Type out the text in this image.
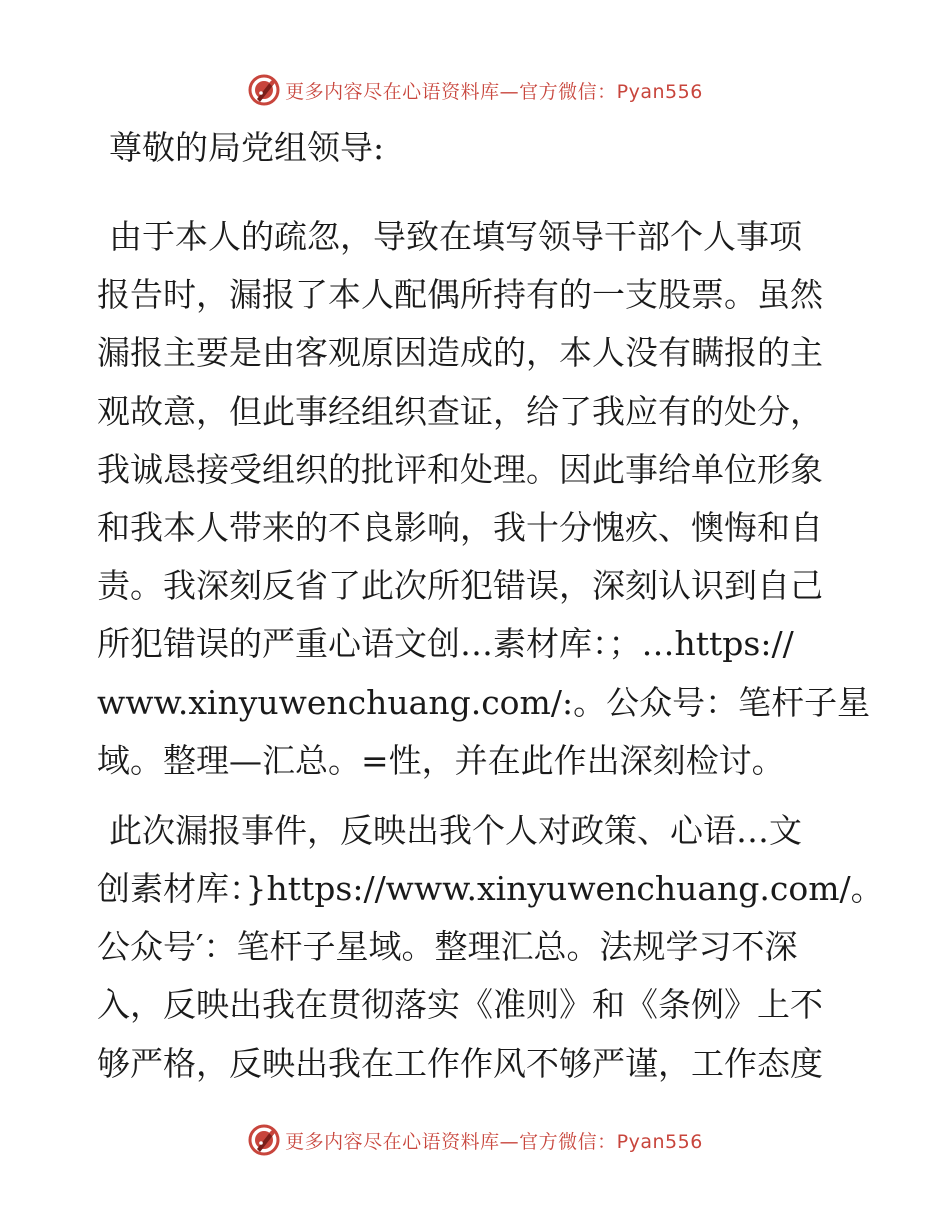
更多内容尽在心语资料库—官方微信：Pyan556
尊敬的局党组领导:
由于本人的疏忽，导致在填写领导干部个人事项
报告时，漏报了本人配偶所持有的一支股票。虽然
漏报主要是由客观原因造成的，本人没有瞒报的主
观故意，但此事经组织查证，给了我应有的处分，
我诚恳接受组织的批评和处理。因此事给单位形象
和我本人带来的不良影响，我十分愧疚、懊悔和自
责。我深刻反省了此次所犯错误，深刻认识到自己
所犯错误的严重心语文创…素材库：；…https://
www.xinyuwenchuang.com/:。公众号：笔杆子星
域。整理—汇总。=性，并在此作出深刻检讨。
此次漏报事件，反映出我个人对政策、心语…文
创素材库：}https://www.xinyuwenchuang.com/。
公众号′：笔杆子星域。整理汇总。法规学习不深
入，反映出我在贯彻落实《准则》和《条例》上不
够严格，反映出我在工作作风不够严谨，工作态度
更多内容尽在心语资料库—官方微信：Pyan556
